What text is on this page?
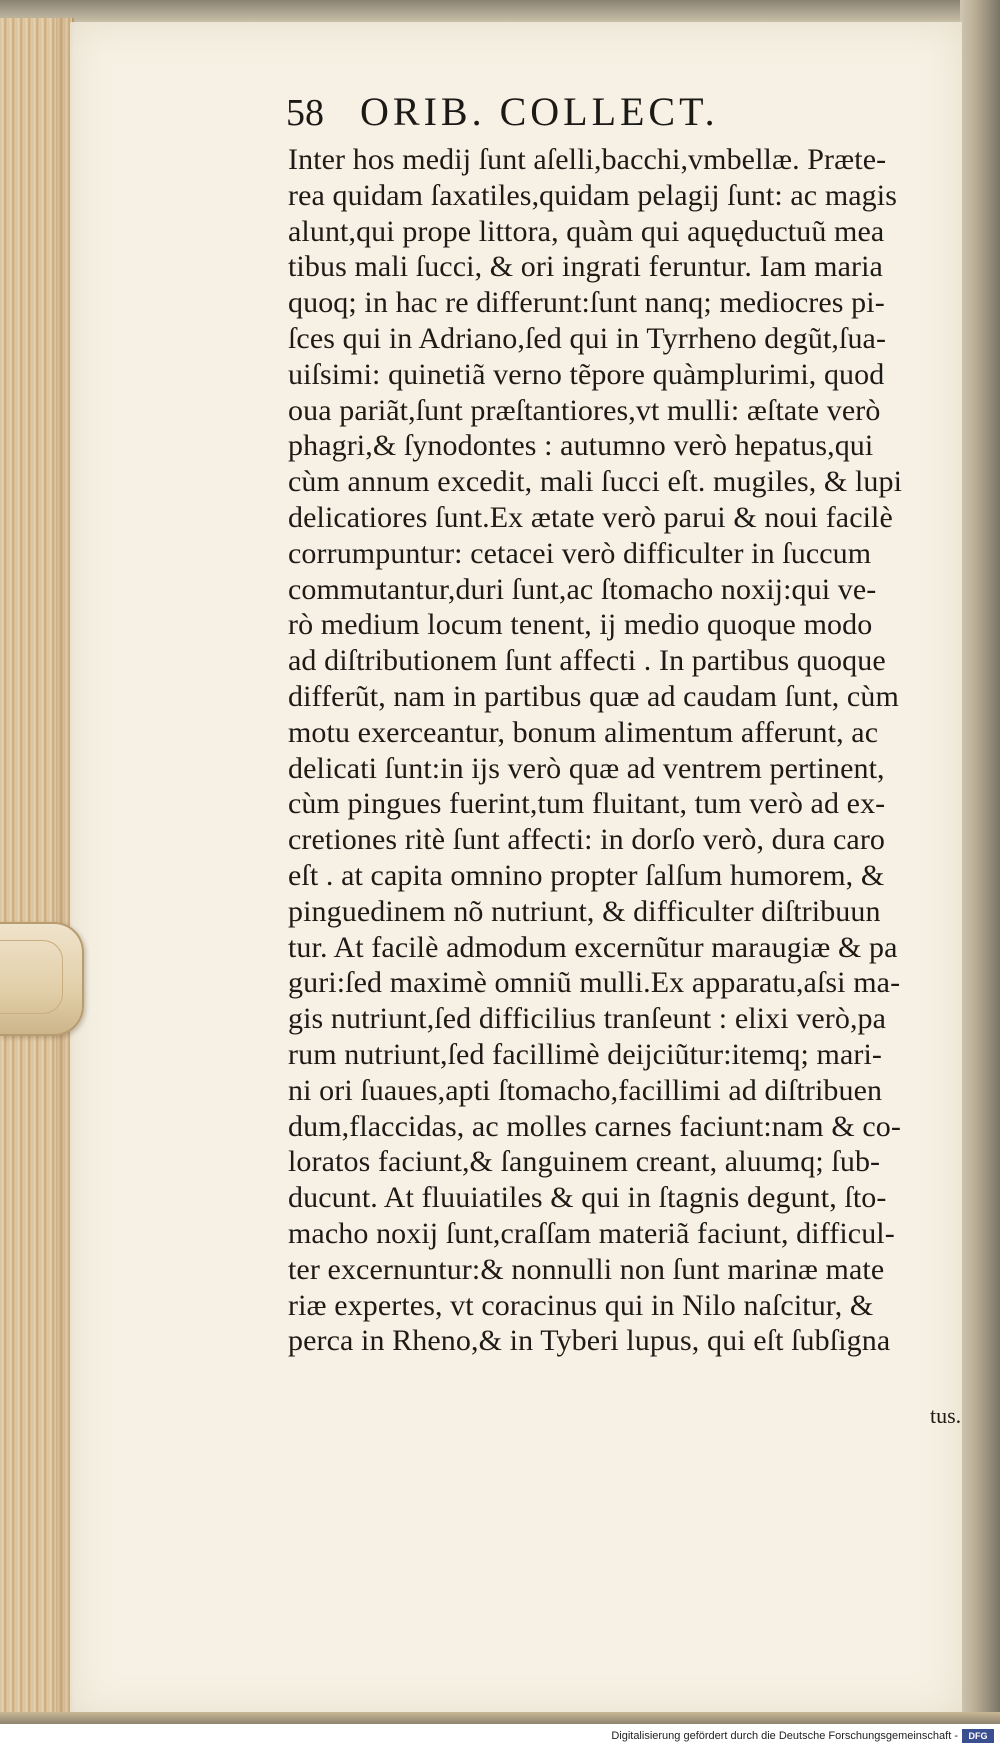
58 ORIB. COLLECT.
Inter hos medij ſunt aſelli,bacchi,vmbellæ. Præte-
rea quidam ſaxatiles,quidam pelagij ſunt: ac magis
alunt,qui prope littora, quàm qui aquęductuũ mea
tibus mali ſucci, & ori ingrati feruntur. Iam maria
quoq; in hac re differunt:ſunt nanq; mediocres pi-
ſces qui in Adriano,ſed qui in Tyrrheno degũt,ſua-
uiſsimi: quinetiã verno tẽpore quàmplurimi, quod
oua pariãt,ſunt præſtantiores,vt mulli: æſtate verò
phagri,& ſynodontes : autumno verò hepatus,qui
cùm annum excedit, mali ſucci eſt. mugiles, & lupi
delicatiores ſunt.Ex ætate verò parui & noui facilè
corrumpuntur: cetacei verò difficulter in ſuccum
commutantur,duri ſunt,ac ſtomacho noxij:qui ve-
rò medium locum tenent, ij medio quoque modo
ad diſtributionem ſunt affecti . In partibus quoque
differũt, nam in partibus quæ ad caudam ſunt, cùm
motu exerceantur, bonum alimentum afferunt, ac
delicati ſunt:in ijs verò quæ ad ventrem pertinent,
cùm pingues fuerint,tum fluitant, tum verò ad ex-
cretiones ritè ſunt affecti: in dorſo verò, dura caro
eſt . at capita omnino propter ſalſum humorem, &
pinguedinem nõ nutriunt, & difficulter diſtribuun
tur. At facilè admodum excernũtur maraugiæ & pa
guri:ſed maximè omniũ mulli.Ex apparatu,aſsi ma-
gis nutriunt,ſed difficilius tranſeunt : elixi verò,pa
rum nutriunt,ſed facillimè deijciũtur:itemq; mari-
ni ori ſuaues,apti ſtomacho,facillimi ad diſtribuen
dum,flaccidas, ac molles carnes faciunt:nam & co-
loratos faciunt,& ſanguinem creant, aluumq; ſub-
ducunt. At fluuiatiles & qui in ſtagnis degunt, ſto-
macho noxij ſunt,craſſam materiã faciunt, difficul-
ter excernuntur:& nonnulli non ſunt marinæ mate
riæ expertes, vt coracinus qui in Nilo naſcitur, &
perca in Rheno,& in Tyberi lupus, qui eſt ſubſigna
tus.
Digitalisierung gefördert durch die Deutsche Forschungsgemeinschaft -	DFG
